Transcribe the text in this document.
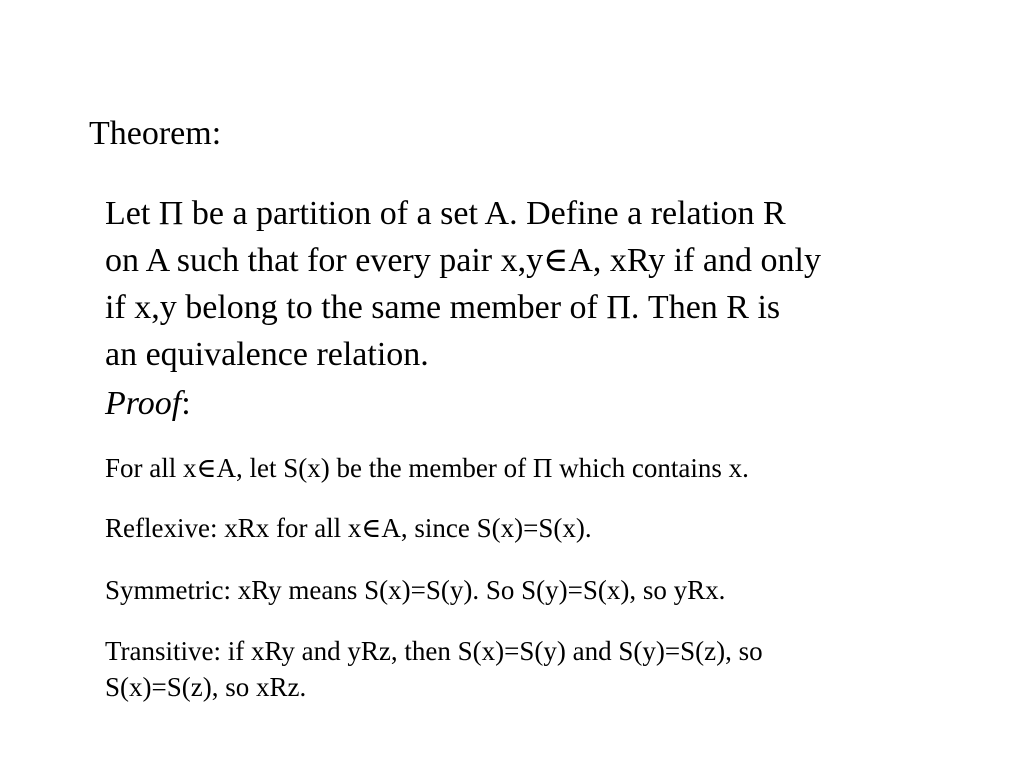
Theorem:
Let Π be a partition of a set A. Define a relation R
on A such that for every pair x,y∈A, xRy if and only
if x,y belong to the same member of Π. Then R is
an equivalence relation.
Proof:
For all x∈A, let S(x) be the member of Π which contains x.
Reflexive: xRx for all x∈A, since S(x)=S(x).
Symmetric: xRy means S(x)=S(y). So S(y)=S(x), so yRx.
Transitive: if xRy and yRz, then S(x)=S(y) and S(y)=S(z), so
S(x)=S(z), so xRz.
